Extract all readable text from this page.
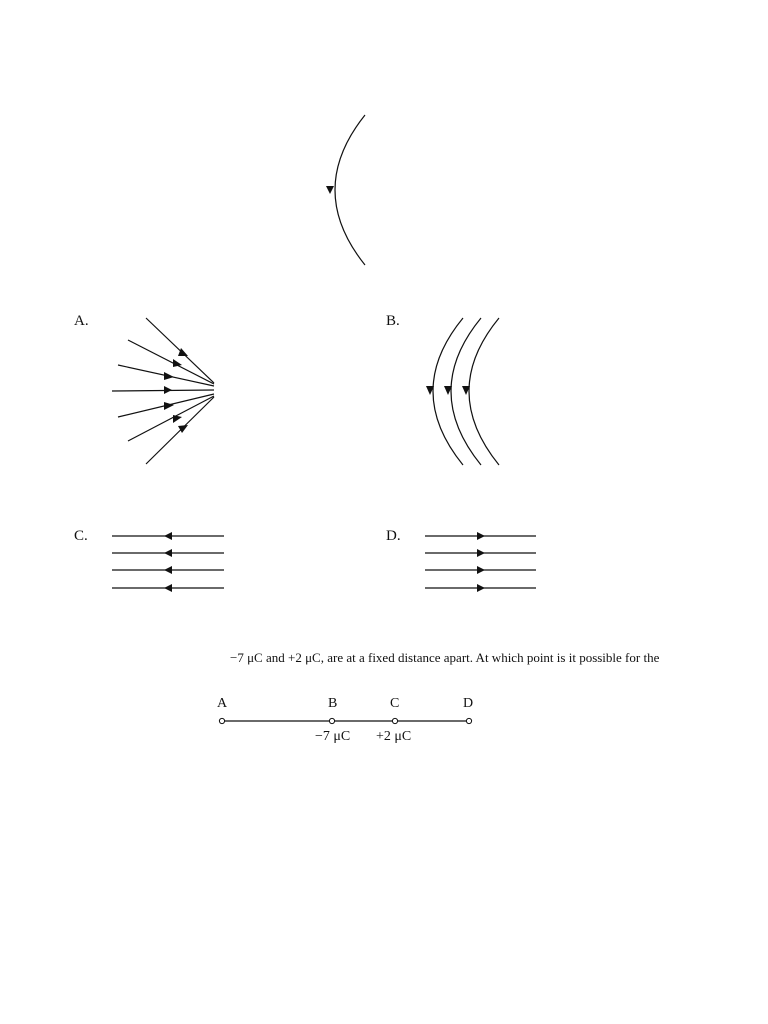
A.	B.
C.	D.
−7 μC and +2 μC, are at a fixed distance apart. At which point is it possible for the
A	B	C	D
−7 μC +2 μC
